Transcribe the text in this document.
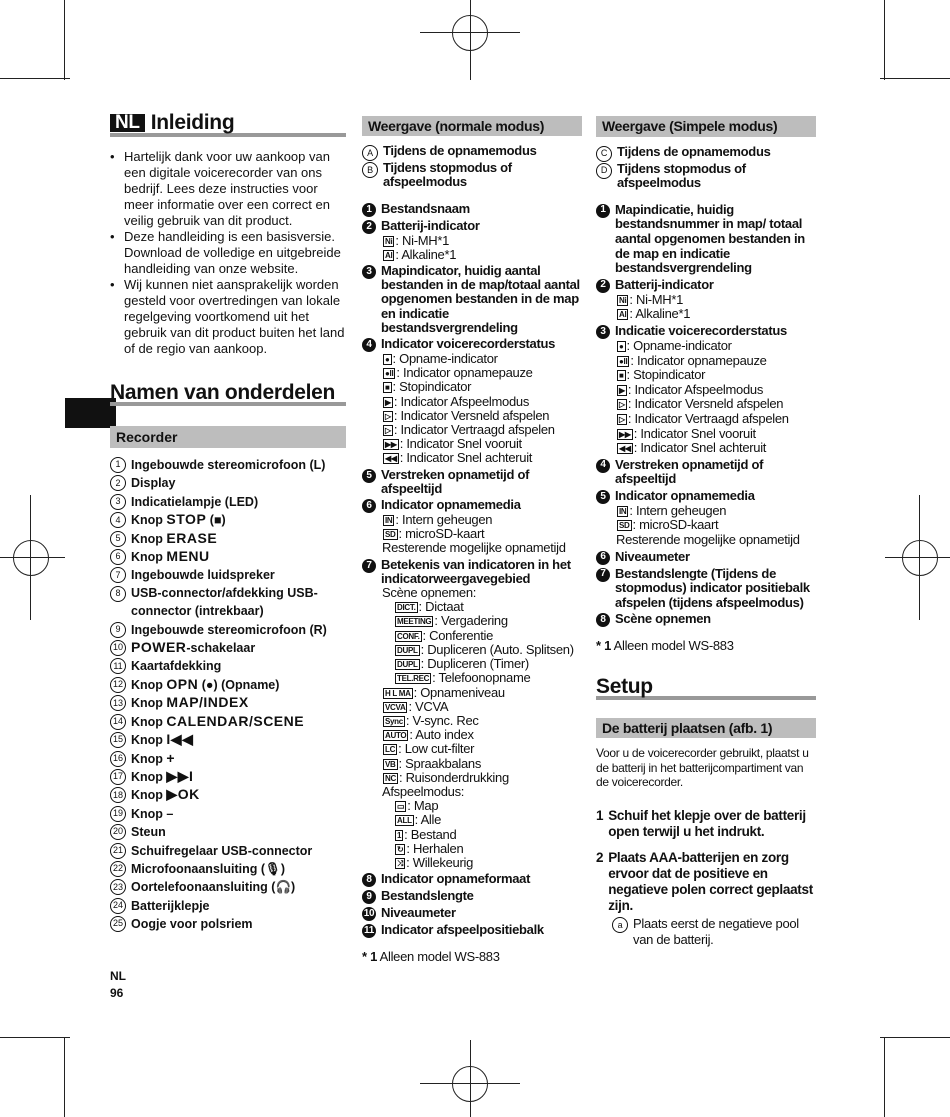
NL Inleiding
• Hartelijk dank voor uw aankoop van een digitale voicerecorder van ons bedrijf. Lees deze instructies voor meer informatie over een correct en veilig gebruik van dit product.
• Deze handleiding is een basisversie. Download de volledige en uitgebreide handleiding van onze website.
• Wij kunnen niet aansprakelijk worden gesteld voor overtredingen van lokale regelgeving voortkomend uit het gebruik van dit product buiten het land of de regio van aankoop.
Namen van onderdelen
Recorder
1 Ingebouwde stereomicrofoon (L)
2 Display
3 Indicatielampje (LED)
4 Knop STOP (■)
5 Knop ERASE
6 Knop MENU
7 Ingebouwde luidspreker
8 USB-connector/afdekking USB-connector (intrekbaar)
9 Ingebouwde stereomicrofoon (R)
10 POWER-schakelaar
11 Kaartafdekking
12 Knop OPN (●) (Opname)
13 Knop MAP/INDEX
14 Knop CALENDAR/SCENE
15 Knop I◀◀
16 Knop +
17 Knop ▶▶I
18 Knop ▶OK
19 Knop –
20 Steun
21 Schuifregelaar USB-connector
22 Microfoonaansluiting (🎙)
23 Oortelefoonaansluiting (🎧)
24 Batterijklepje
25 Oogje voor polsriem
NL
96
Weergave (normale modus)
A Tijdens de opnamemodus
B Tijdens stopmodus of afspeelmodus
1 Bestandsnaam
2 Batterij-indicator
Ni : Ni-MH*1
Al : Alkaline*1
3 Mapindicator, huidig aantal bestanden in de map/totaal aantal opgenomen bestanden in de map en indicatie bestandsvergrendeling
4 Indicator voicerecorderstatus
● : Opname-indicator
●II : Indicator opnamepauze
■ : Stopindicator
▶ : Indicator Afspeelmodus
▷ : Indicator Versneld afspelen
▷ : Indicator Vertraagd afspelen
▶▶ : Indicator Snel vooruit
◀◀ : Indicator Snel achteruit
5 Verstreken opnametijd of afspeeltijd
6 Indicator opnamemedia
IN : Intern geheugen
SD : microSD-kaart
Resterende mogelijke opnametijd
7 Betekenis van indicatoren in het indicatorweergavegebied
Scène opnemen:
DICT. : Dictaat
MEETING : Vergadering
CONF. : Conferentie
DUPL : Dupliceren (Auto. Splitsen)
DUPL : Dupliceren (Timer)
TEL.REC : Telefoonopname
H L MA : Opnameniveau
VCVA : VCVA
Sync : V-sync. Rec
AUTO : Auto index
LC : Low cut-filter
VB : Spraakbalans
NC : Ruisonderdrukking
Afspeelmodus:
▭ : Map
ALL : Alle
1 : Bestand
↻ : Herhalen
⤨ : Willekeurig
8 Indicator opnameformaat
9 Bestandslengte
10 Niveaumeter
11 Indicator afspeelpositiebalk
* 1 Alleen model WS-883
Weergave (Simpele modus)
C Tijdens de opnamemodus
D Tijdens stopmodus of afspeelmodus
1 Mapindicatie, huidig bestandsnummer in map/ totaal aantal opgenomen bestanden in de map en indicatie bestandsvergrendeling
2 Batterij-indicator
Ni : Ni-MH*1
Al : Alkaline*1
3 Indicatie voicerecorderstatus
● : Opname-indicator
●II : Indicator opnamepauze
■ : Stopindicator
▶ : Indicator Afspeelmodus
▷ : Indicator Versneld afspelen
▷ : Indicator Vertraagd afspelen
▶▶ : Indicator Snel vooruit
◀◀ : Indicator Snel achteruit
4 Verstreken opnametijd of afspeeltijd
5 Indicator opnamemedia
IN : Intern geheugen
SD : microSD-kaart
Resterende mogelijke opnametijd
6 Niveaumeter
7 Bestandslengte (Tijdens de stopmodus) indicator positiebalk afspelen (tijdens afspeelmodus)
8 Scène opnemen
* 1 Alleen model WS-883
Setup
De batterij plaatsen (afb. 1)
Voor u de voicerecorder gebruikt, plaatst u de batterij in het batterijcompartiment van de voicerecorder.
1 Schuif het klepje over de batterij open terwijl u het indrukt.
2 Plaats AAA-batterijen en zorg ervoor dat de positieve en negatieve polen correct geplaatst zijn.
a Plaats eerst de negatieve pool van de batterij.
